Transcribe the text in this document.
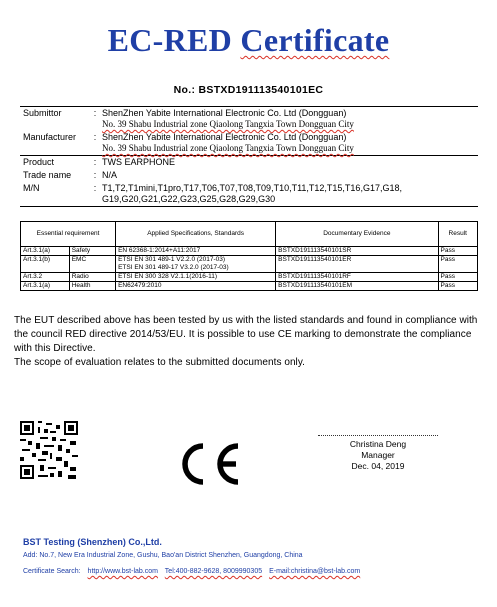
EC-RED Certificate
No.: BSTXD191113540101EC
Submittor	:	ShenZhen Yabite International Electronic Co. Ltd (Dongguan)
No. 39 Shabu Industrial zone Qiaolong Tangxia Town Dongguan City

Manufacturer	:	ShenZhen Yabite International Electronic Co. Ltd (Dongguan)
No. 39 Shabu Industrial zone Qiaolong Tangxia Town Dongguan City

Product	:	TWS EARPHONE
Trade name	:	N/A
M/N	:	T1,T2,T1mini,T1pro,T17,T06,T07,T08,T09,T10,T11,T12,T15,T16,G17,G18,
G19,G20,G21,G22,G23,G25,G28,G29,G30
Essential requirement		Applied Specifications, Standards	Documentary Evidence	Result
Art.3.1(a)	Safety	EN 62368-1:2014+A11:2017	BSTXD191113540101SR	Pass
Art.3.1(b)	EMC	ETSI EN 301 489-1 V2.2.0 (2017-03)
ETSI EN 301 489-17 V3.2.0 (2017-03)	BSTXD191113540101ER	Pass
Art.3.2	Radio	ETSI EN 300 328 V2.1.1(2016-11)	BSTXD191113540101RF	Pass
Art.3.1(a)	Health	EN62479:2010	BSTXD191113540101EM	Pass

The EUT described above has been tested by us with the listed standards and found in compliance with the council RED directive 2014/53/EU. It is possible to use CE marking to demonstrate the compliance with this Directive.

The scope of evaluation relates to the submitted documents only.

Christina Deng
Manager
Dec. 04, 2019
BST Testing (Shenzhen) Co.,Ltd.
Add: No.7, New Era Industrial Zone, Gushu, Bao'an District Shenzhen, Guangdong, China
Certificate Search: http://www.bst-lab.com Tel:400-882-9628, 8009990305 E-mail:christina@bst-lab.com
